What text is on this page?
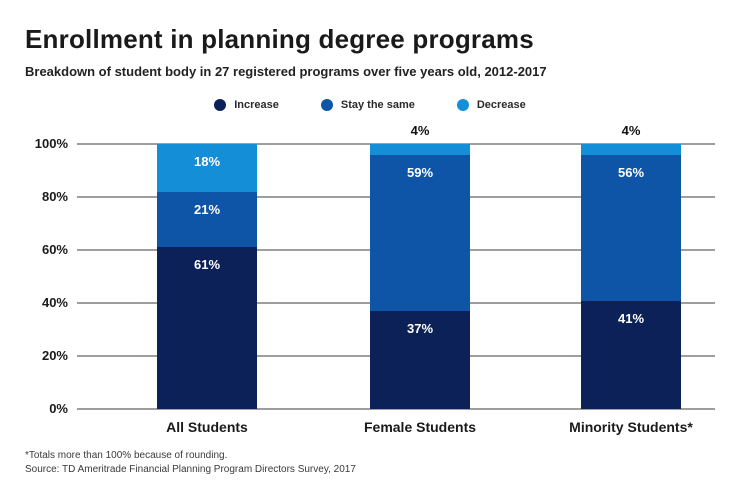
Enrollment in planning degree programs
Breakdown of student body in 27 registered programs over five years old, 2012-2017
Increase	Stay the same	Decrease
61%
21%
18%
All Students
37%
59%
4%
Female Students
41%
56%
4%
Minority Students*
*Totals more than 100% because of rounding.
Source: TD Ameritrade Financial Planning Program Directors Survey, 2017
0%
20%
40%
60%
80%
100%
